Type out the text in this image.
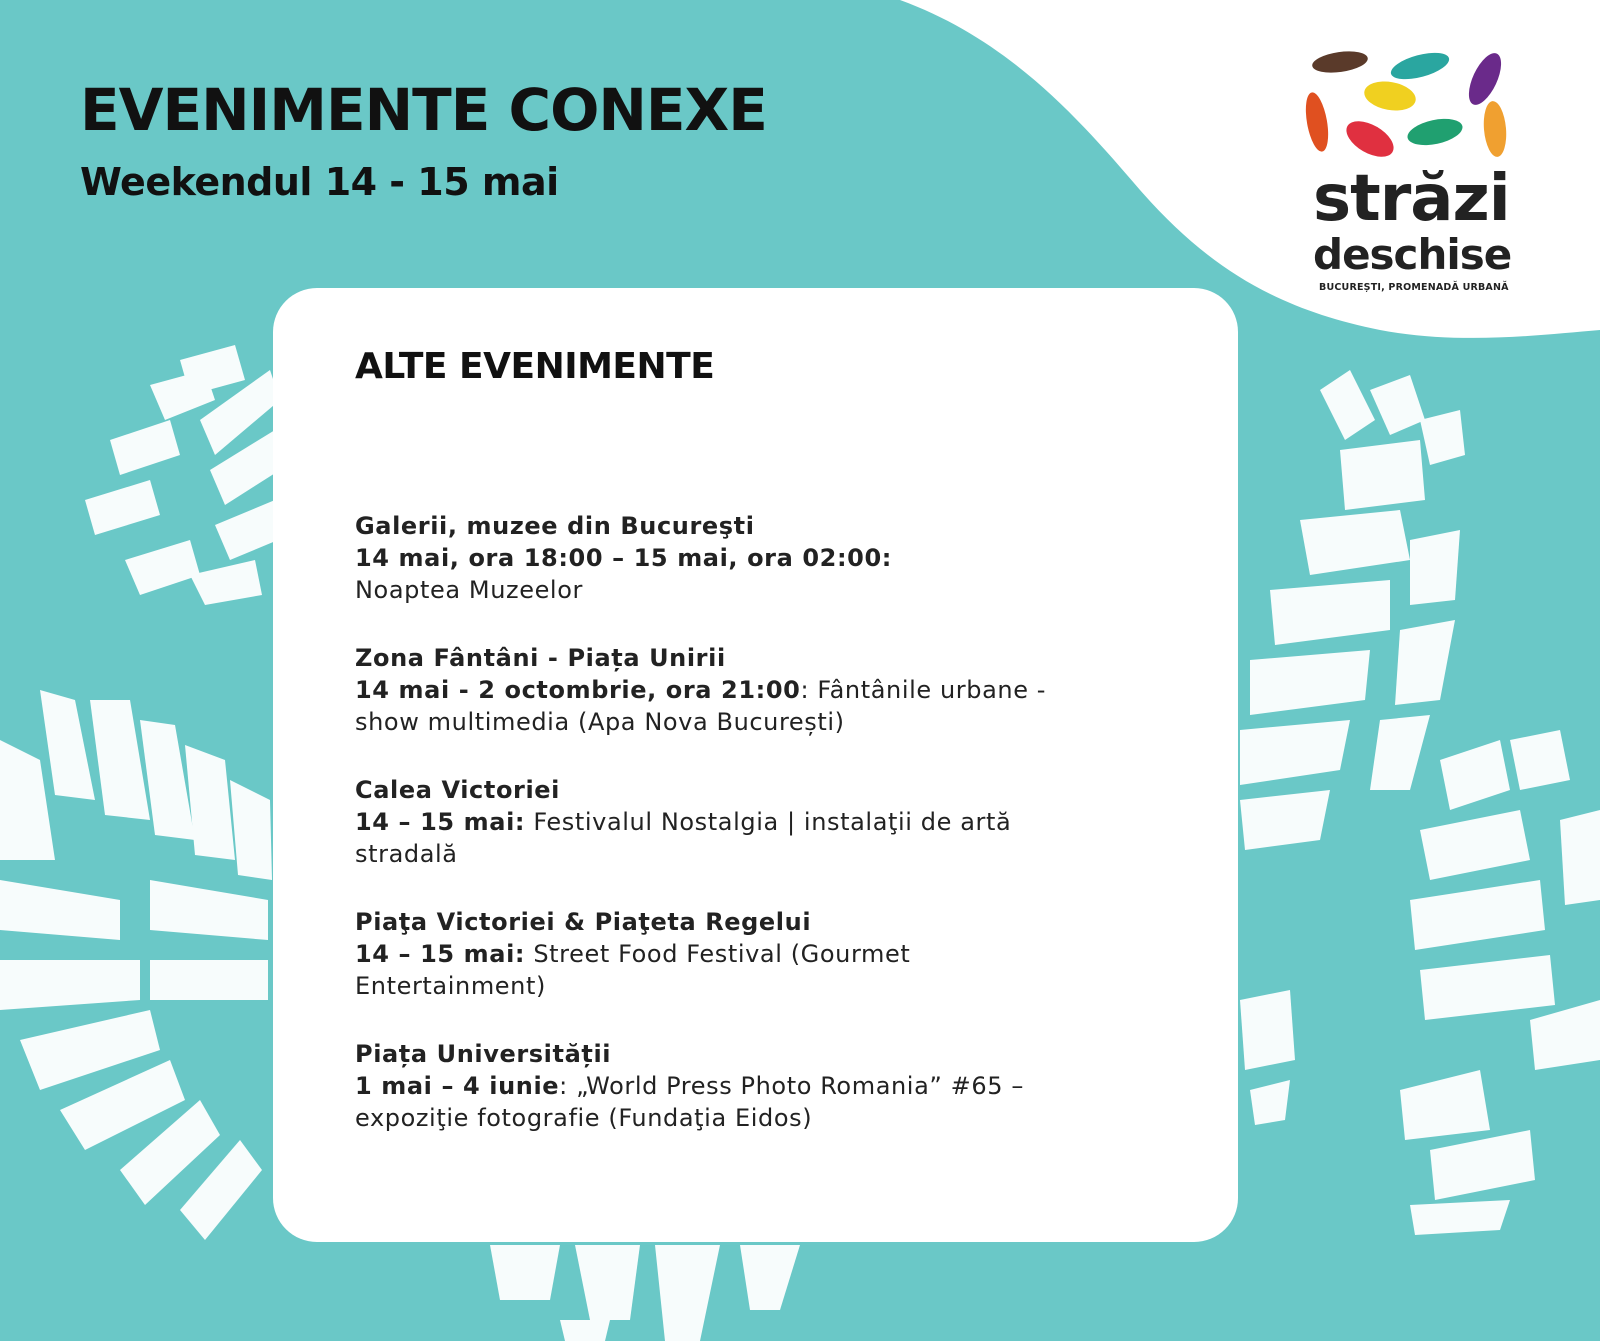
EVENIMENTE CONEXE
Weekendul 14 - 15 mai	străzi
deschise
BUCUREȘTI, PROMENADĂ URBANĂ
ALTE EVENIMENTE
Galerii, muzee din Bucureşti
14 mai, ora 18:00 – 15 mai, ora 02:00:
Noaptea Muzeelor
Zona Fântâni - Piața Unirii
14 mai - 2 octombrie, ora 21:00: Fântânile urbane - show multimedia (Apa Nova București)
Calea Victoriei
14 – 15 mai: Festivalul Nostalgia | instalaţii de artă stradală
Piaţa Victoriei & Piaţeta Regelui
14 – 15 mai: Street Food Festival (Gourmet Entertainment)
Piața Universității
1 mai – 4 iunie: „World Press Photo Romania” #65 – expoziţie fotografie (Fundaţia Eidos)
